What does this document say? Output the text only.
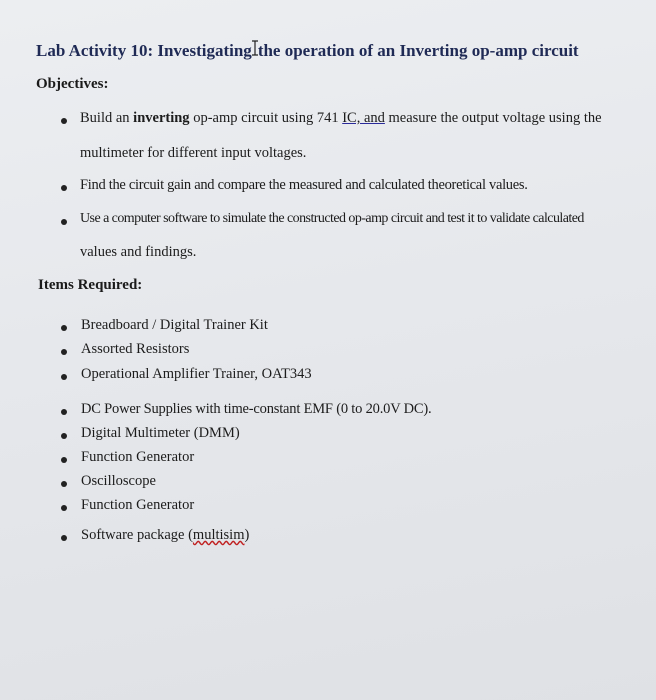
Lab Activity 10: Investigating the operation of an Inverting op-amp circuit
Objectives:
Build an inverting op-amp circuit using 741 IC, and measure the output voltage using the
multimeter for different input voltages.
Find the circuit gain and compare the measured and calculated theoretical values.
Use a computer software to simulate the constructed op-amp circuit and test it to validate calculated
values and findings.
Items Required:
Breadboard / Digital Trainer Kit
Assorted Resistors
Operational Amplifier Trainer, OAT343
DC Power Supplies with time-constant EMF (0 to 20.0V DC).
Digital Multimeter (DMM)
Function Generator
Oscilloscope
Function Generator
Software package (multisim)
